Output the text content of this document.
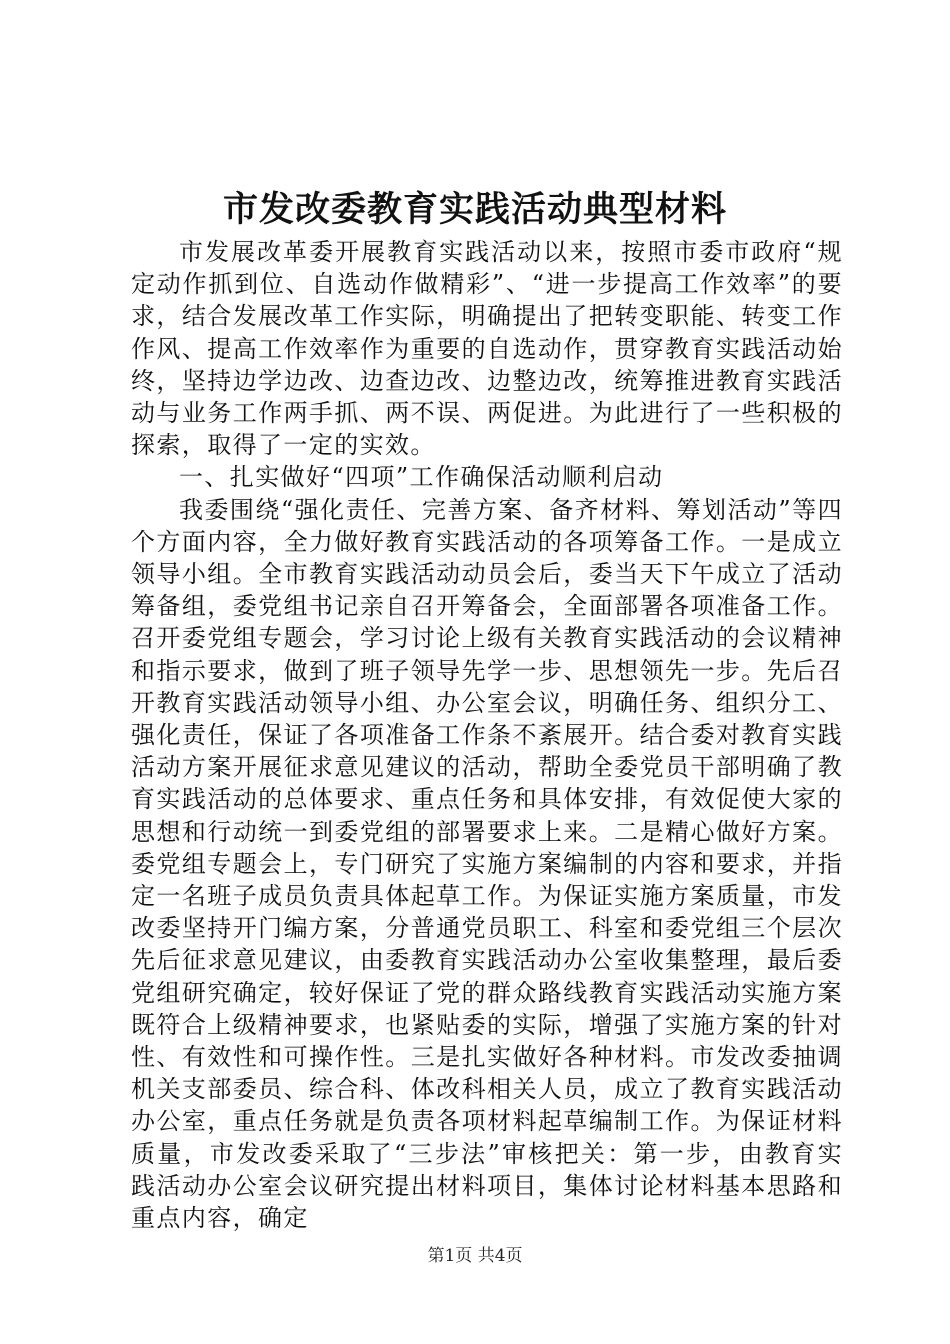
市发改委教育实践活动典型材料

市发展改革委开展教育实践活动以来，按照市委市政府“规定动作抓到位、自选动作做精彩”、“进一步提高工作效率”的要求，结合发展改革工作实际，明确提出了把转变职能、转变工作作风、提高工作效率作为重要的自选动作，贯穿教育实践活动始终，坚持边学边改、边查边改、边整边改，统筹推进教育实践活动与业务工作两手抓、两不误、两促进。为此进行了一些积极的探索，取得了一定的实效。

一、扎实做好“四项”工作确保活动顺利启动

我委围绕“强化责任、完善方案、备齐材料、筹划活动”等四个方面内容，全力做好教育实践活动的各项筹备工作。一是成立领导小组。全市教育实践活动动员会后，委当天下午成立了活动筹备组，委党组书记亲自召开筹备会，全面部署各项准备工作。召开委党组专题会，学习讨论上级有关教育实践活动的会议精神和指示要求，做到了班子领导先学一步、思想领先一步。先后召开教育实践活动领导小组、办公室会议，明确任务、组织分工、强化责任，保证了各项准备工作条不紊展开。结合委对教育实践活动方案开展征求意见建议的活动，帮助全委党员干部明确了教育实践活动的总体要求、重点任务和具体安排，有效促使大家的思想和行动统一到委党组的部署要求上来。二是精心做好方案。委党组专题会上，专门研究了实施方案编制的内容和要求，并指定一名班子成员负责具体起草工作。为保证实施方案质量，市发改委坚持开门编方案，分普通党员职工、科室和委党组三个层次先后征求意见建议，由委教育实践活动办公室收集整理，最后委党组研究确定，较好保证了党的群众路线教育实践活动实施方案既符合上级精神要求，也紧贴委的实际，增强了实施方案的针对性、有效性和可操作性。三是扎实做好各种材料。市发改委抽调机关支部委员、综合科、体改科相关人员，成立了教育实践活动办公室，重点任务就是负责各项材料起草编制工作。为保证材料质量，市发改委采取了“三步法”审核把关：第一步，由教育实践活动办公室会议研究提出材料项目，集体讨论材料基本思路和重点内容，确定

第1页 共4页
